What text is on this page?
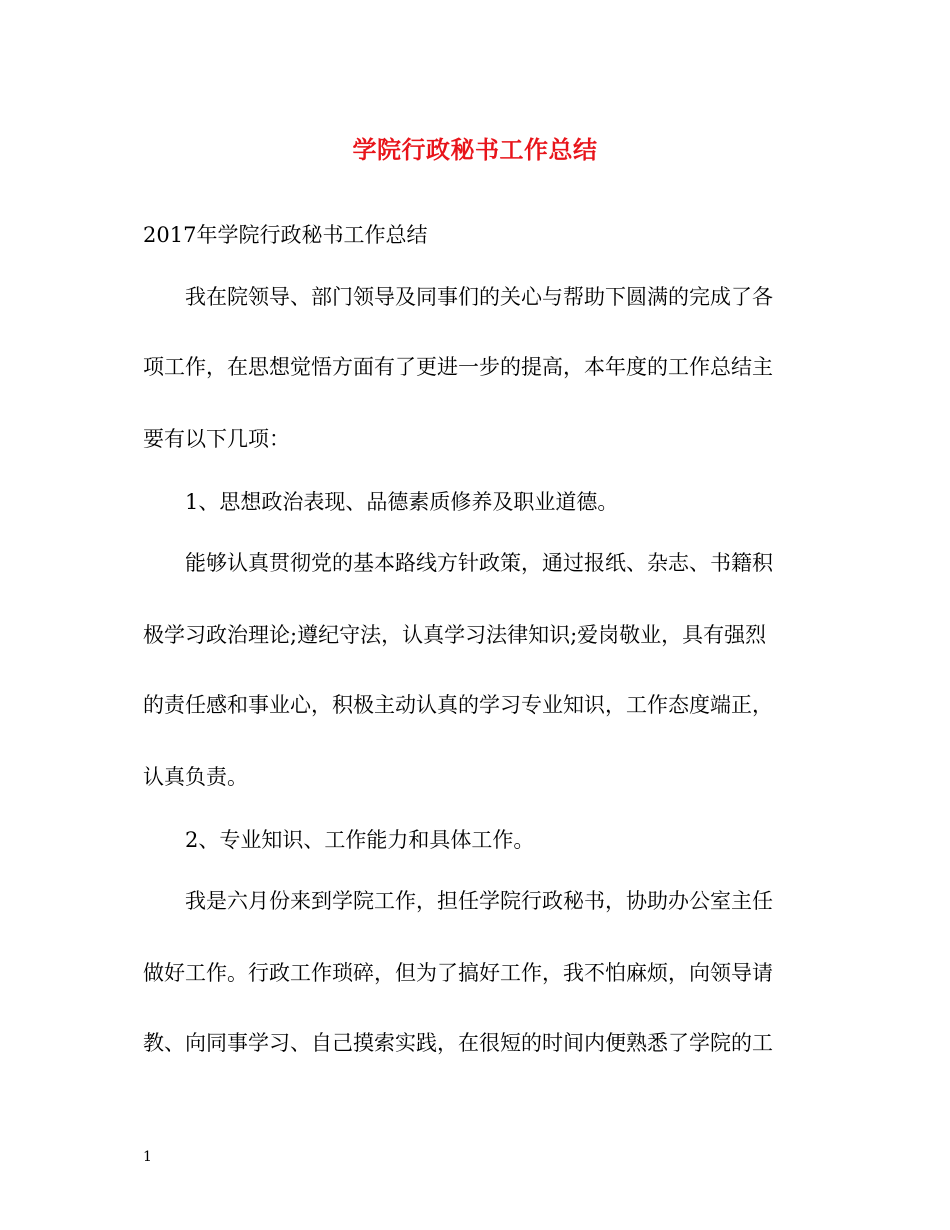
学院行政秘书工作总结
2017年学院行政秘书工作总结
我在院领导、部门领导及同事们的关心与帮助下圆满的完成了各
项工作，在思想觉悟方面有了更进一步的提高，本年度的工作总结主
要有以下几项：
1、思想政治表现、品德素质修养及职业道德。
能够认真贯彻党的基本路线方针政策，通过报纸、杂志、书籍积
极学习政治理论;遵纪守法，认真学习法律知识;爱岗敬业，具有强烈
的责任感和事业心，积极主动认真的学习专业知识，工作态度端正，
认真负责。
2、专业知识、工作能力和具体工作。
我是六月份来到学院工作，担任学院行政秘书，协助办公室主任
做好工作。行政工作琐碎，但为了搞好工作，我不怕麻烦，向领导请
教、向同事学习、自己摸索实践，在很短的时间内便熟悉了学院的工
1
